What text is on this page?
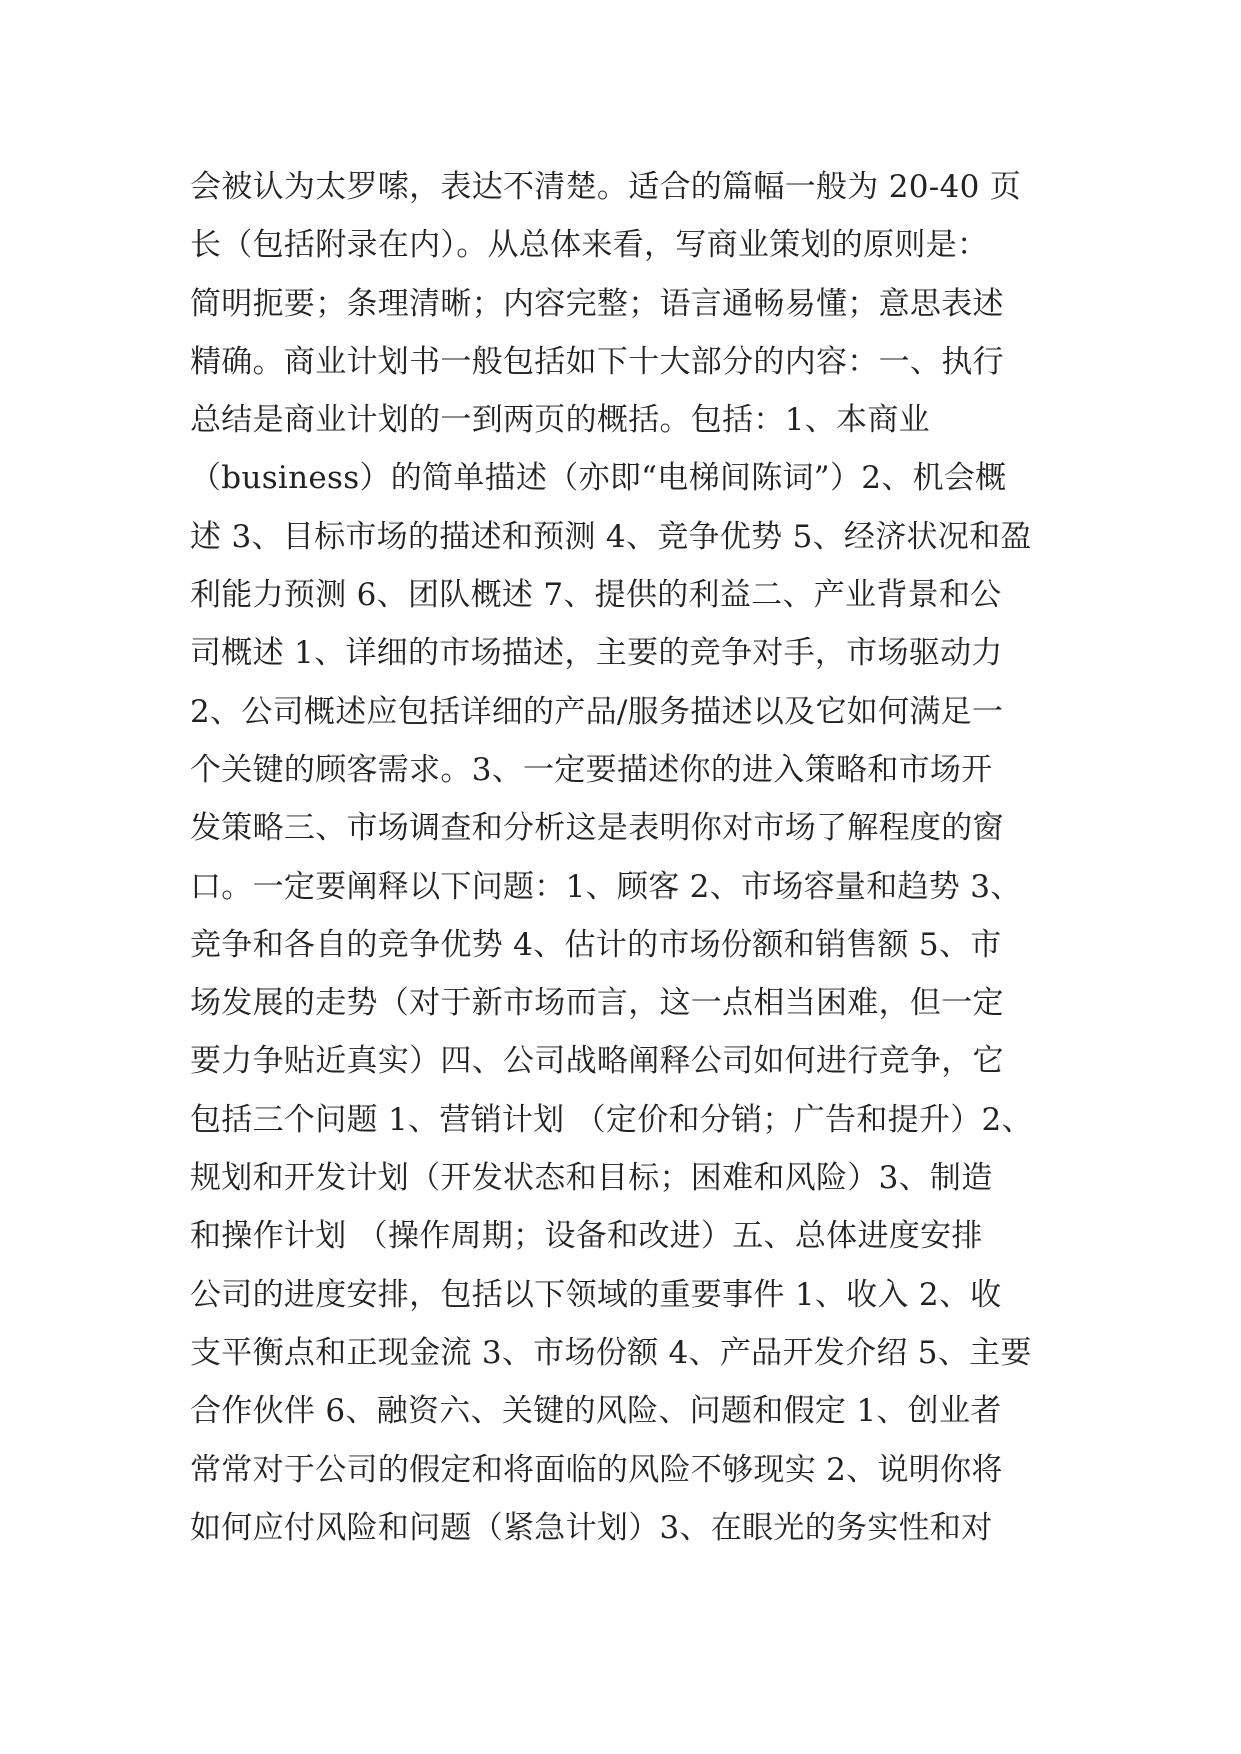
会被认为太罗嗦，表达不清楚。适合的篇幅一般为 20-40 页
长（包括附录在内）。从总体来看，写商业策划的原则是：
简明扼要；条理清晰；内容完整；语言通畅易懂；意思表述
精确。商业计划书一般包括如下十大部分的内容：一、执行
总结是商业计划的一到两页的概括。包括：1、本商业
（business）的简单描述（亦即“电梯间陈词”）2、机会概
述 3、目标市场的描述和预测 4、竞争优势 5、经济状况和盈
利能力预测 6、团队概述 7、提供的利益二、产业背景和公
司概述 1、详细的市场描述，主要的竞争对手，市场驱动力
2、公司概述应包括详细的产品/服务描述以及它如何满足一
个关键的顾客需求。3、一定要描述你的进入策略和市场开
发策略三、市场调查和分析这是表明你对市场了解程度的窗
口。一定要阐释以下问题：1、顾客 2、市场容量和趋势 3、
竞争和各自的竞争优势 4、估计的市场份额和销售额 5、市
场发展的走势（对于新市场而言，这一点相当困难，但一定
要力争贴近真实）四、公司战略阐释公司如何进行竞争，它
包括三个问题 1、营销计划 （定价和分销；广告和提升）2、
规划和开发计划（开发状态和目标；困难和风险）3、制造
和操作计划 （操作周期；设备和改进）五、总体进度安排
公司的进度安排，包括以下领域的重要事件 1、收入 2、收
支平衡点和正现金流 3、市场份额 4、产品开发介绍 5、主要
合作伙伴 6、融资六、关键的风险、问题和假定 1、创业者
常常对于公司的假定和将面临的风险不够现实 2、说明你将
如何应付风险和问题（紧急计划）3、在眼光的务实性和对
